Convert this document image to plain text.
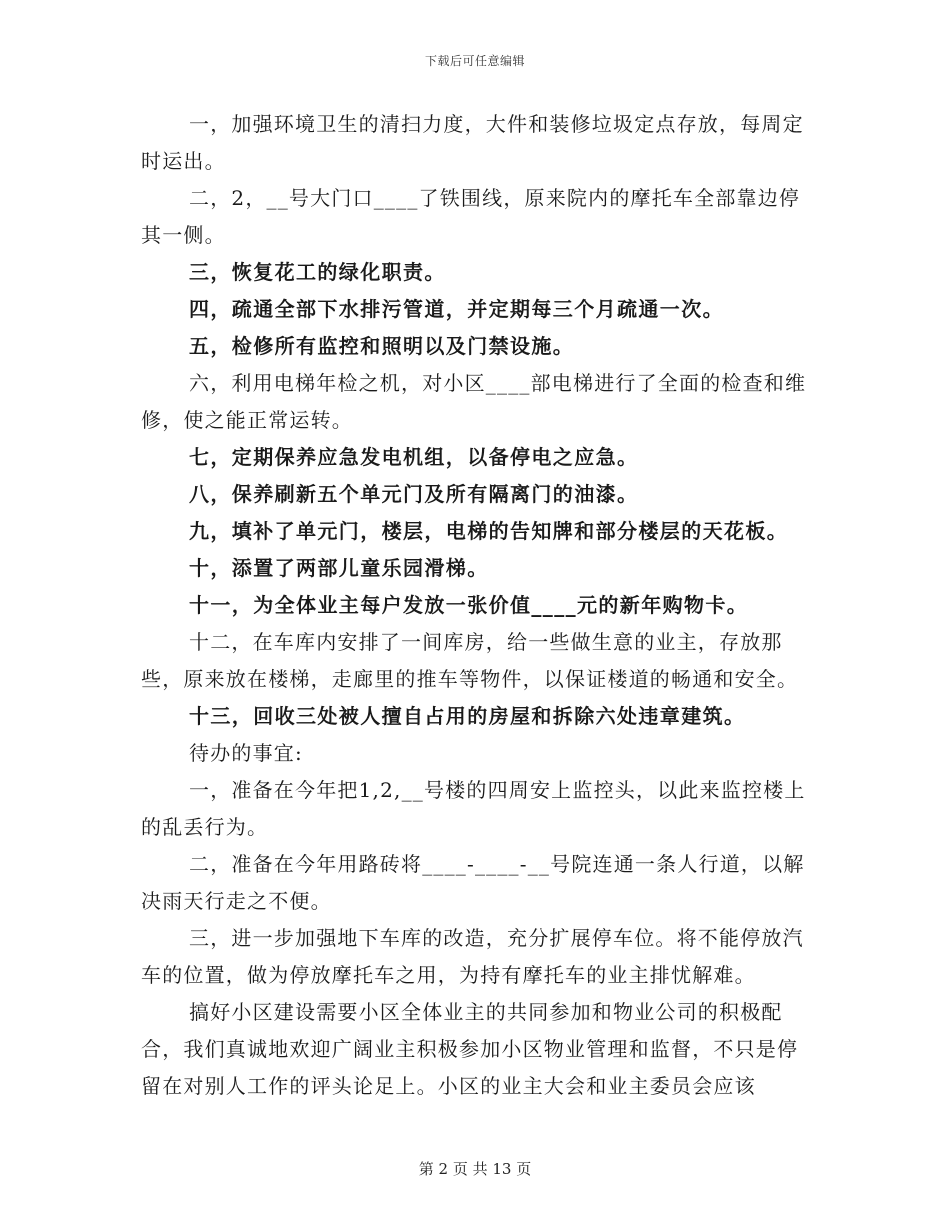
下载后可任意编辑

一，加强环境卫生的清扫力度，大件和装修垃圾定点存放，每周定时运出。

二，2，__号大门口____了铁围线，原来院内的摩托车全部靠边停其一侧。

三，恢复花工的绿化职责。

四，疏通全部下水排污管道，并定期每三个月疏通一次。

五，检修所有监控和照明以及门禁设施。

六，利用电梯年检之机，对小区____部电梯进行了全面的检查和维修，使之能正常运转。

七，定期保养应急发电机组，以备停电之应急。

八，保养刷新五个单元门及所有隔离门的油漆。

九，填补了单元门，楼层，电梯的告知牌和部分楼层的天花板。

十，添置了两部儿童乐园滑梯。

十一，为全体业主每户发放一张价值____元的新年购物卡。

十二，在车库内安排了一间库房，给一些做生意的业主，存放那些，原来放在楼梯，走廊里的推车等物件，以保证楼道的畅通和安全。

十三，回收三处被人擅自占用的房屋和拆除六处违章建筑。

待办的事宜:

一，准备在今年把1,2,__号楼的四周安上监控头，以此来监控楼上的乱丢行为。

二，准备在今年用路砖将____-____-__号院连通一条人行道，以解决雨天行走之不便。

三，进一步加强地下车库的改造，充分扩展停车位。将不能停放汽车的位置，做为停放摩托车之用，为持有摩托车的业主排忧解难。

搞好小区建设需要小区全体业主的共同参加和物业公司的积极配合，我们真诚地欢迎广阔业主积极参加小区物业管理和监督，不只是停留在对别人工作的评头论足上。小区的业主大会和业主委员会应该

第 2 页 共 13 页
